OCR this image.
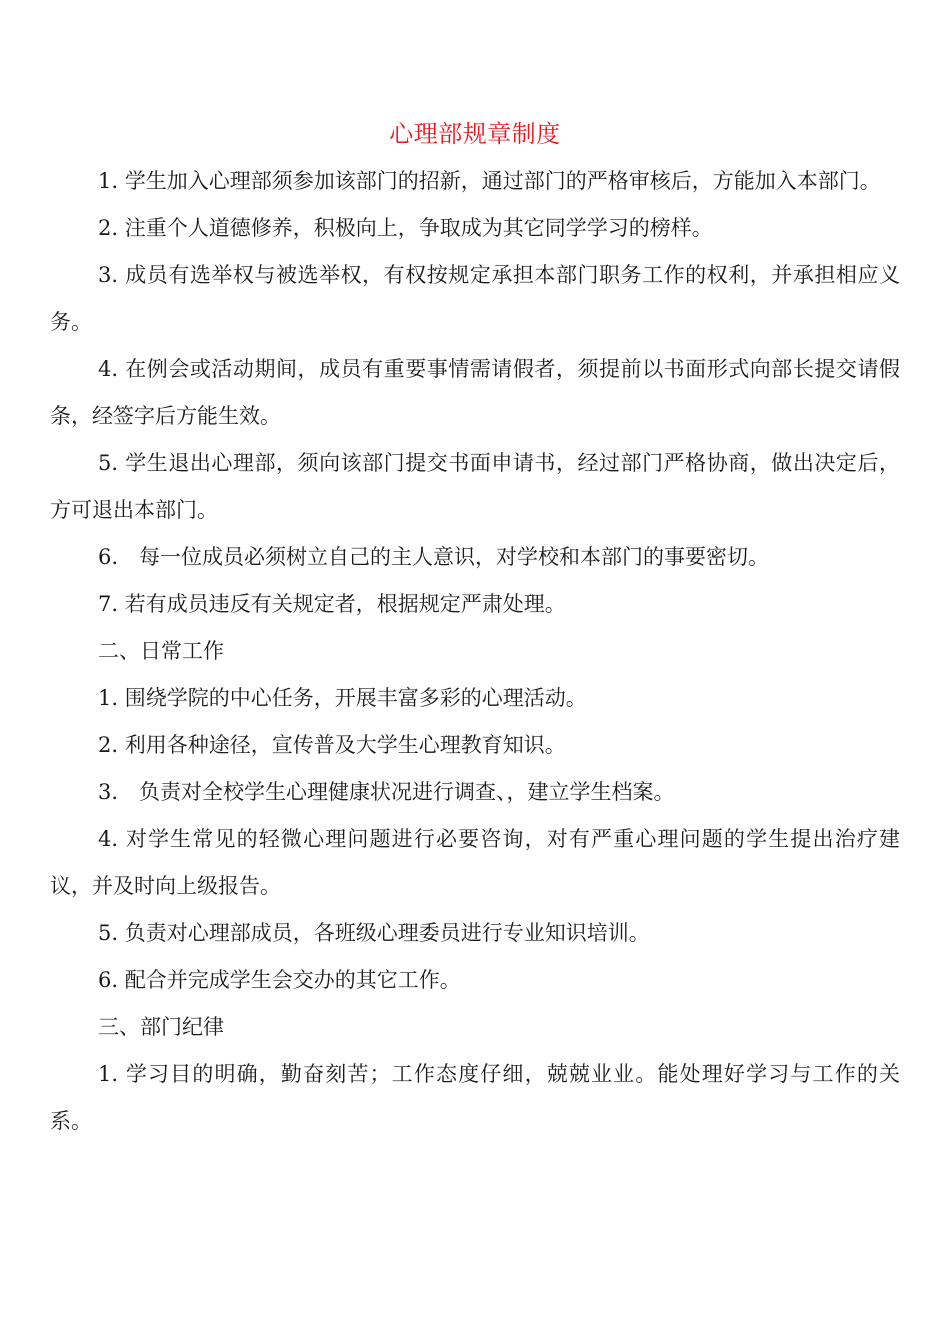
心理部规章制度

1. 学生加入心理部须参加该部门的招新，通过部门的严格审核后，方能加入本部门。

2. 注重个人道德修养，积极向上，争取成为其它同学学习的榜样。

3. 成员有选举权与被选举权，有权按规定承担本部门职务工作的权利，并承担相应义务。

4. 在例会或活动期间，成员有重要事情需请假者，须提前以书面形式向部长提交请假条，经签字后方能生效。

5. 学生退出心理部，须向该部门提交书面申请书，经过部门严格协商，做出决定后，方可退出本部门。

6.　每一位成员必须树立自己的主人意识，对学校和本部门的事要密切。

7. 若有成员违反有关规定者，根据规定严肃处理。

二、日常工作

1. 围绕学院的中心任务，开展丰富多彩的心理活动。

2. 利用各种途径，宣传普及大学生心理教育知识。

3.　负责对全校学生心理健康状况进行调查、，建立学生档案。

4. 对学生常见的轻微心理问题进行必要咨询，对有严重心理问题的学生提出治疗建议，并及时向上级报告。

5. 负责对心理部成员，各班级心理委员进行专业知识培训。

6. 配合并完成学生会交办的其它工作。

三、部门纪律

1. 学习目的明确，勤奋刻苦；工作态度仔细，兢兢业业。能处理好学习与工作的关系。
